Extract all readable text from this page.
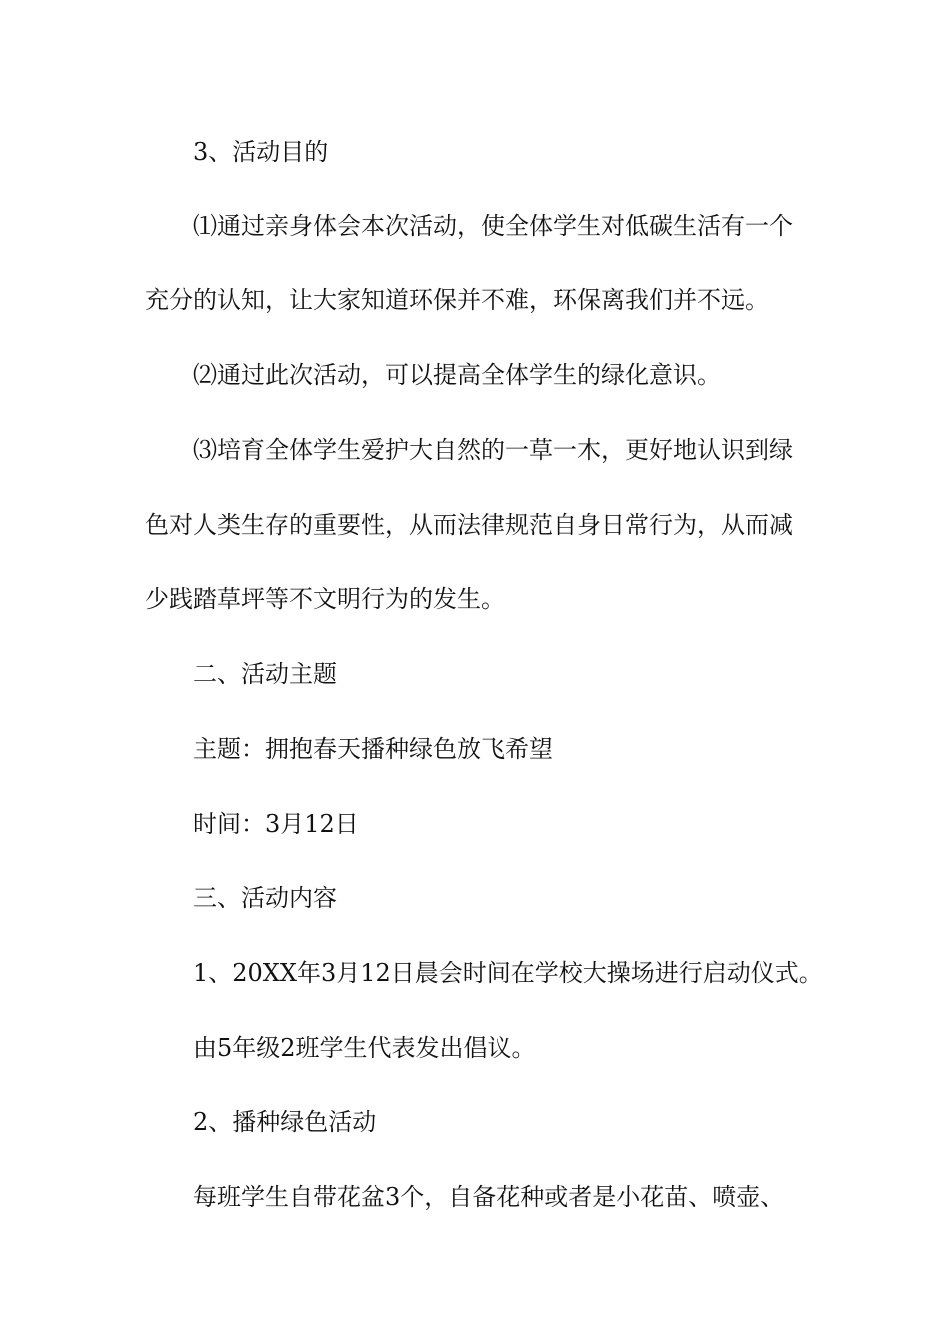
3、活动目的
⑴通过亲身体会本次活动，使全体学生对低碳生活有一个
充分的认知，让大家知道环保并不难，环保离我们并不远。
⑵通过此次活动，可以提高全体学生的绿化意识。
⑶培育全体学生爱护大自然的一草一木，更好地认识到绿
色对人类生存的重要性，从而法律规范自身日常行为，从而减
少践踏草坪等不文明行为的发生。
二、活动主题
主题：拥抱春天播种绿色放飞希望
时间：3月12日
三、活动内容
1、20XX年3月12日晨会时间在学校大操场进行启动仪式。
由5年级2班学生代表发出倡议。
2、播种绿色活动
每班学生自带花盆3个，自备花种或者是小花苗、喷壶、
